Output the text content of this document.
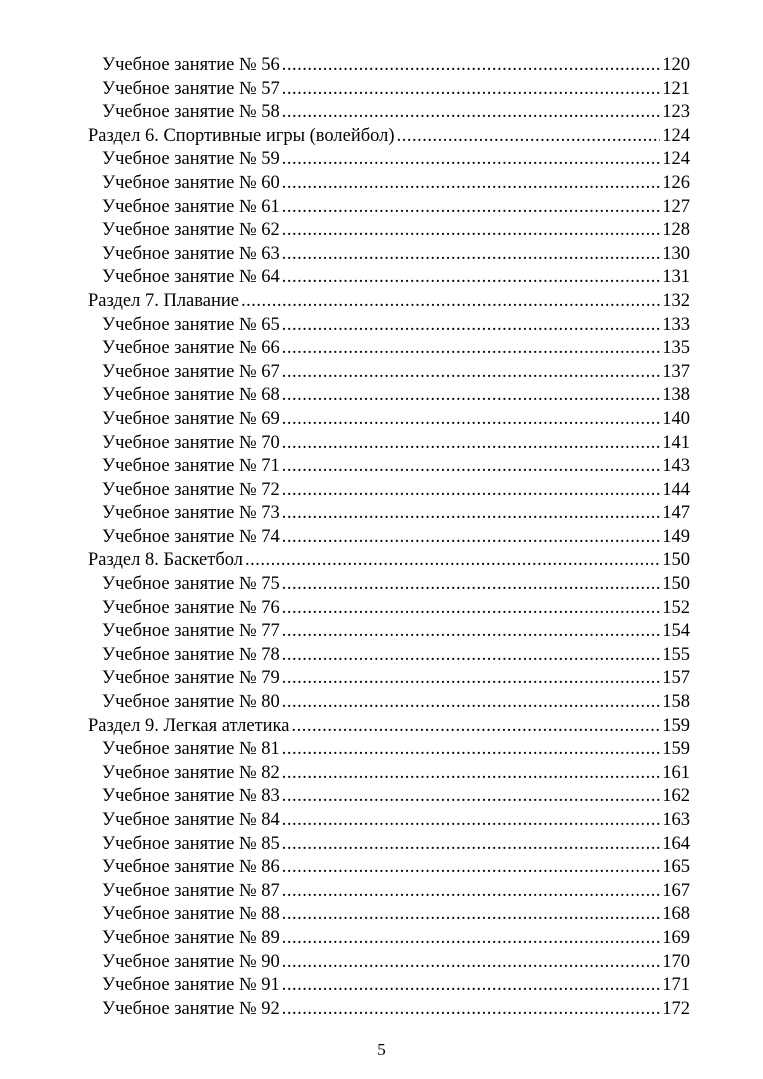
Учебное занятие № 56 .....	120
Учебное занятие № 57 .....	121
Учебное занятие № 58 .....	123
Раздел 6. Спортивные игры (волейбол) .....	124
Учебное занятие № 59 .....	124
Учебное занятие № 60 .....	126
Учебное занятие № 61 .....	127
Учебное занятие № 62 .....	128
Учебное занятие № 63 .....	130
Учебное занятие № 64 .....	131
Раздел 7. Плавание .....	132
Учебное занятие № 65 .....	133
Учебное занятие № 66 .....	135
Учебное занятие № 67 .....	137
Учебное занятие № 68 .....	138
Учебное занятие № 69 .....	140
Учебное занятие № 70 .....	141
Учебное занятие № 71 .....	143
Учебное занятие № 72 .....	144
Учебное занятие № 73 .....	147
Учебное занятие № 74 .....	149
Раздел 8. Баскетбол .....	150
Учебное занятие № 75 .....	150
Учебное занятие № 76 .....	152
Учебное занятие № 77 .....	154
Учебное занятие № 78 .....	155
Учебное занятие № 79 .....	157
Учебное занятие № 80 .....	158
Раздел 9. Легкая атлетика .....	159
Учебное занятие № 81 .....	159
Учебное занятие № 82 .....	161
Учебное занятие № 83 .....	162
Учебное занятие № 84 .....	163
Учебное занятие № 85 .....	164
Учебное занятие № 86 .....	165
Учебное занятие № 87 .....	167
Учебное занятие № 88 .....	168
Учебное занятие № 89 .....	169
Учебное занятие № 90 .....	170
Учебное занятие № 91 .....	171
Учебное занятие № 92 .....	172
5
